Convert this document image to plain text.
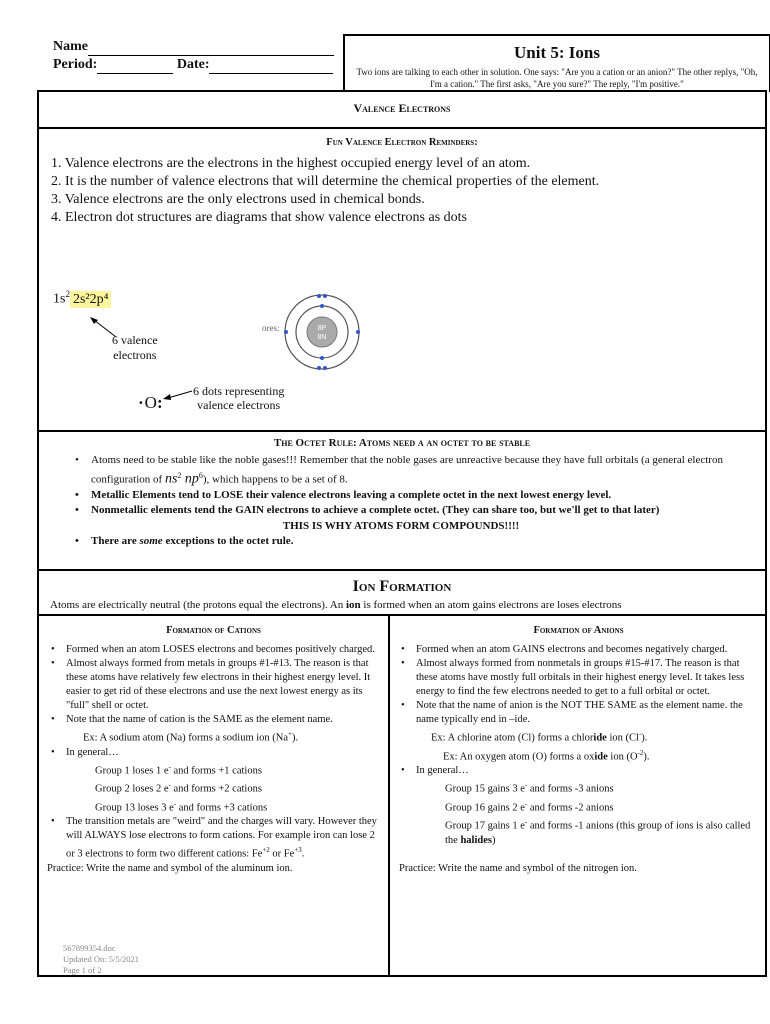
Name
Period:	Date:
Unit 5: Ions
Two ions are talking to each other in solution. One says: "Are you a cation or an anion?" The other replys, "Oh, I'm a cation." The first asks, "Are you sure?" The reply, "I'm positive."
Valence Electrons
Fun Valence Electron Reminders:
1. Valence electrons are the electrons in the highest occupied energy level of an atom.
2. It is the number of valence electrons that will determine the chemical properties of the element.
3. Valence electrons are the only electrons used in chemical bonds.
4. Electron dot structures are diagrams that show valence electrons as dots
$1s^2$ 2s²2p⁴
6 valence
electrons
ores:	8P
8N
·O:
6 dots representing
valence electrons
The Octet Rule: Atoms need a an octet to be stable
• Atoms need to be stable like the noble gases!!! Remember that the noble gases are unreactive because they have full orbitals (a general electron configuration of $ns^2$ $np^6$), which happens to be a set of 8.
• Metallic Elements tend to LOSE their valence electrons leaving a complete octet in the next lowest energy level.
• Nonmetallic elements tend the GAIN electrons to achieve a complete octet. (They can share too, but we'll get to that later)
THIS IS WHY ATOMS FORM COMPOUNDS!!!!
• There are some exceptions to the octet rule.
Ion Formation
Atoms are electrically neutral (the protons equal the electrons). An ion is formed when an atom gains electrons are loses electrons
Formation of Cations
• Formed when an atom LOSES electrons and becomes positively charged.
• Almost always formed from metals in groups #1-#13. The reason is that these atoms have relatively few electrons in their highest energy level. It easier to get rid of these electrons and use the next lowest energy as its "full" shell or octet.
• Note that the name of cation is the SAME as the element name.
Ex: A sodium atom (Na) forms a sodium ion (Na+).
• In general…
Group 1 loses 1 e- and forms +1 cations
Group 2 loses 2 e- and forms +2 cations
Group 13 loses 3 e- and forms +3 cations
• The transition metals are "weird" and the charges will vary. However they will ALWAYS lose electrons to form cations. For example iron can lose 2 or 3 electrons to form two different cations: $Fe^{+2}$ or $Fe^{+3}$.
Practice: Write the name and symbol of the aluminum ion.
Formation of Anions
• Formed when an atom GAINS electrons and becomes negatively charged.
• Almost always formed from nonmetals in groups #15-#17. The reason is that these atoms have mostly full orbitals in their highest energy level. It takes less energy to find the few electrons needed to get to a full orbital or octet.
• Note that the name of anion is the NOT THE SAME as the element name. the name typically end in –ide.
Ex: A chlorine atom (Cl) forms a chloride ion (Cl-).
Ex: An oxygen atom (O) forms a oxide ion $(O^{-2})$.
• In general…
Group 15 gains 3 e- and forms -3 anions
Group 16 gains 2 e- and forms -2 anions
Group 17 gains 1 e- and forms -1 anions (this group of ions is also called the halides)
Practice: Write the name and symbol of the nitrogen ion.
567899354.doc
Updated On: 5/5/2021
Page 1 of 2
